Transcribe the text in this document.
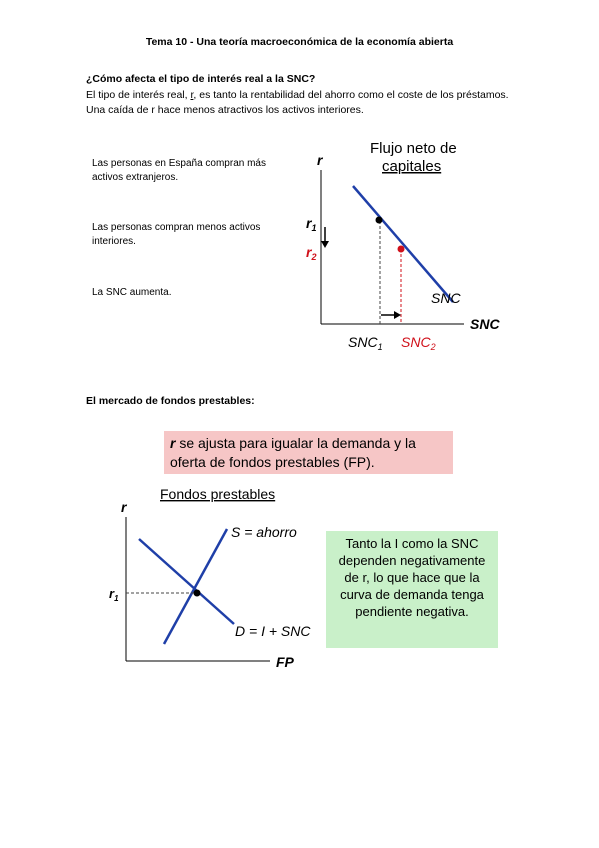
Tema 10 - Una teoría macroeconómica de la economía abierta
¿Cómo afecta el tipo de interés real a la SNC?
El tipo de interés real, r, es tanto la rentabilidad del ahorro como el coste de los préstamos. Una caída de r hace menos atractivos los activos interiores.
Las personas en España compran más activos extranjeros.
Las personas compran menos activos interiores.
La SNC aumenta.
Flujo neto de
capitales
r
SNC
SNC
$r_1$
$r_2$
$SNC_1$ $SNC_2$
El mercado de fondos prestables:
r se ajusta para igualar la demanda y la oferta de fondos prestables (FP).
Fondos prestables
r
FP
S = ahorro
D = I + SNC
$r_1$
Tanto la I como la SNC dependen negativamente de r, lo que hace que la curva de demanda tenga pendiente negativa.
